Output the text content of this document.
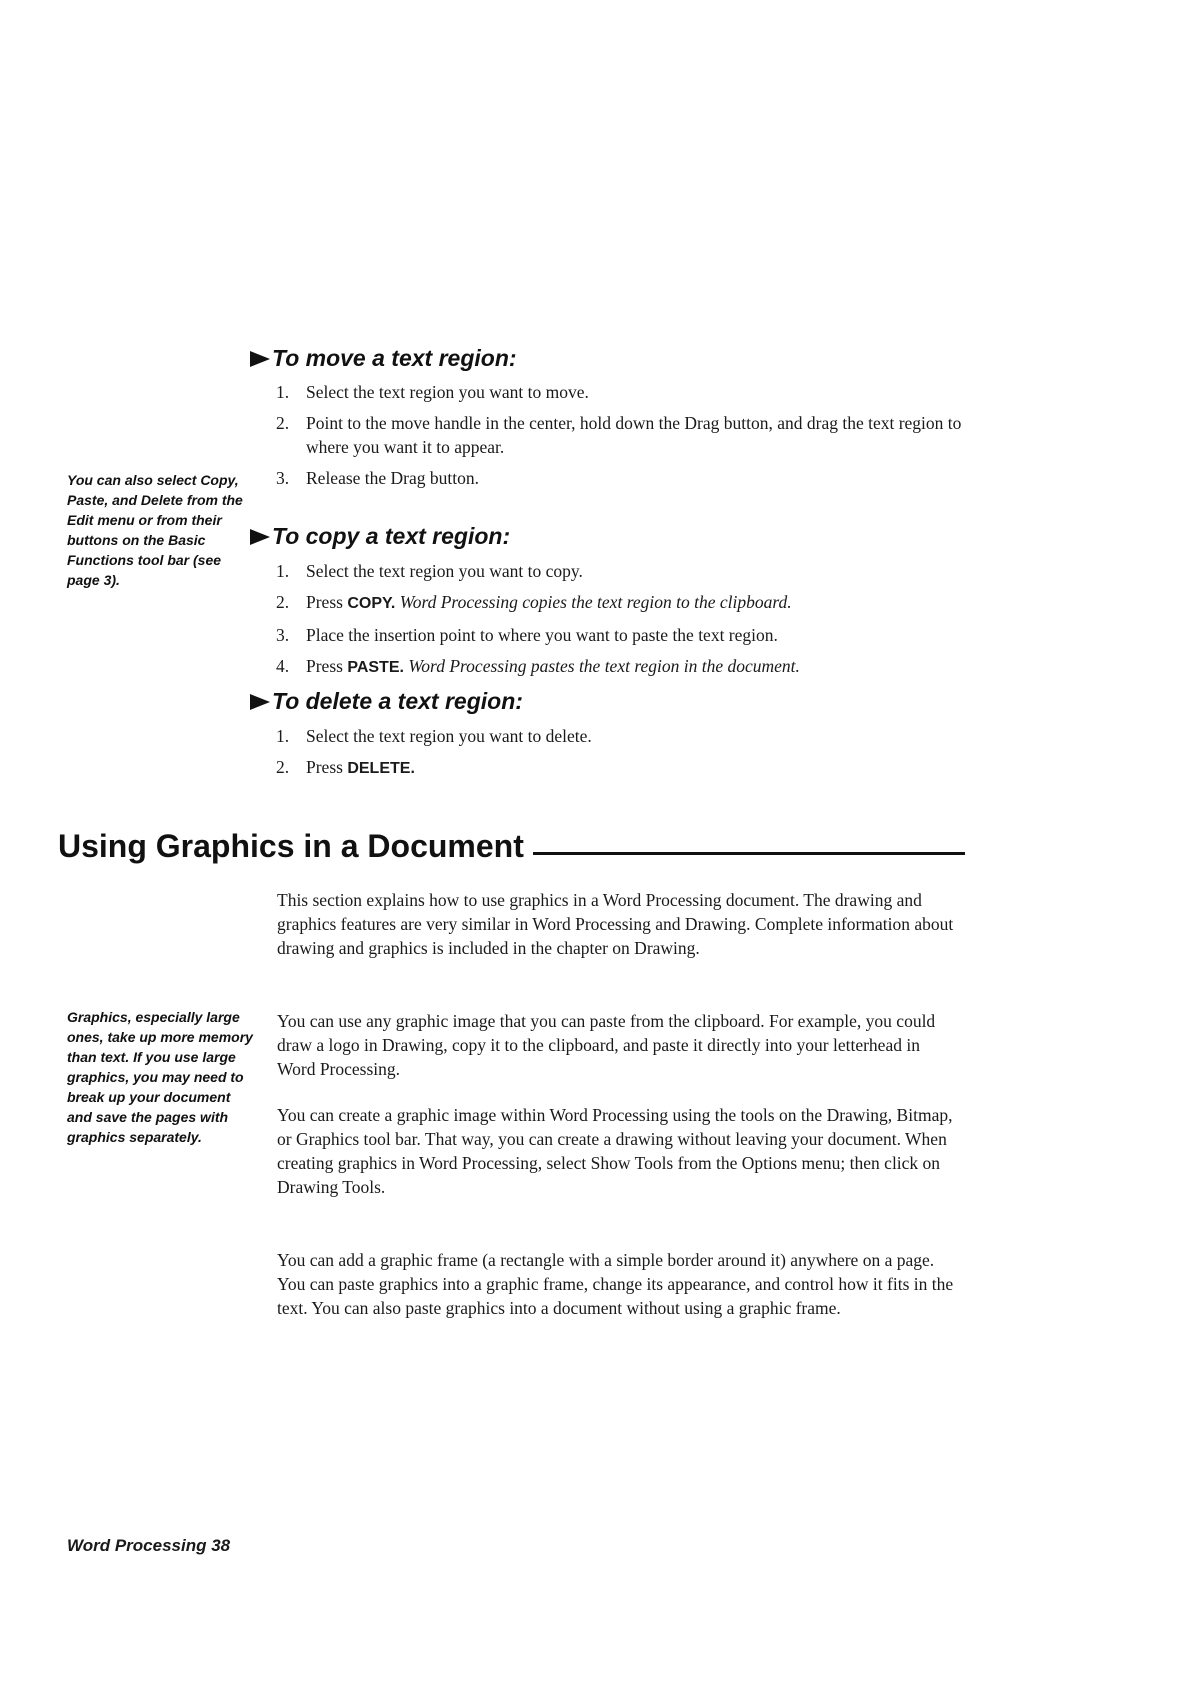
To move a text region:
1. Select the text region you want to move.
2. Point to the move handle in the center, hold down the Drag button, and drag the text region to where you want it to appear.
3. Release the Drag button.
You can also select Copy, Paste, and Delete from the Edit menu or from their buttons on the Basic Functions tool bar (see page 3).
To copy a text region:
1. Select the text region you want to copy.
2. Press COPY. Word Processing copies the text region to the clipboard.
3. Place the insertion point to where you want to paste the text region.
4. Press PASTE. Word Processing pastes the text region in the document.
To delete a text region:
1. Select the text region you want to delete.
2. Press DELETE.
Using Graphics in a Document

This section explains how to use graphics in a Word Processing document. The drawing and graphics features are very similar in Word Processing and Drawing. Complete information about drawing and graphics is included in the chapter on Drawing.

You can use any graphic image that you can paste from the clipboard. For example, you could draw a logo in Drawing, copy it to the clipboard, and paste it directly into your letterhead in Word Processing.

You can create a graphic image within Word Processing using the tools on the Drawing, Bitmap, or Graphics tool bar. That way, you can create a drawing without leaving your document. When creating graphics in Word Processing, select Show Tools from the Options menu; then click on Drawing Tools.

You can add a graphic frame (a rectangle with a simple border around it) anywhere on a page. You can paste graphics into a graphic frame, change its appearance, and control how it fits in the text. You can also paste graphics into a document without using a graphic frame.

Graphics, especially large ones, take up more memory than text. If you use large graphics, you may need to break up your document and save the pages with graphics separately.
Word Processing 38
